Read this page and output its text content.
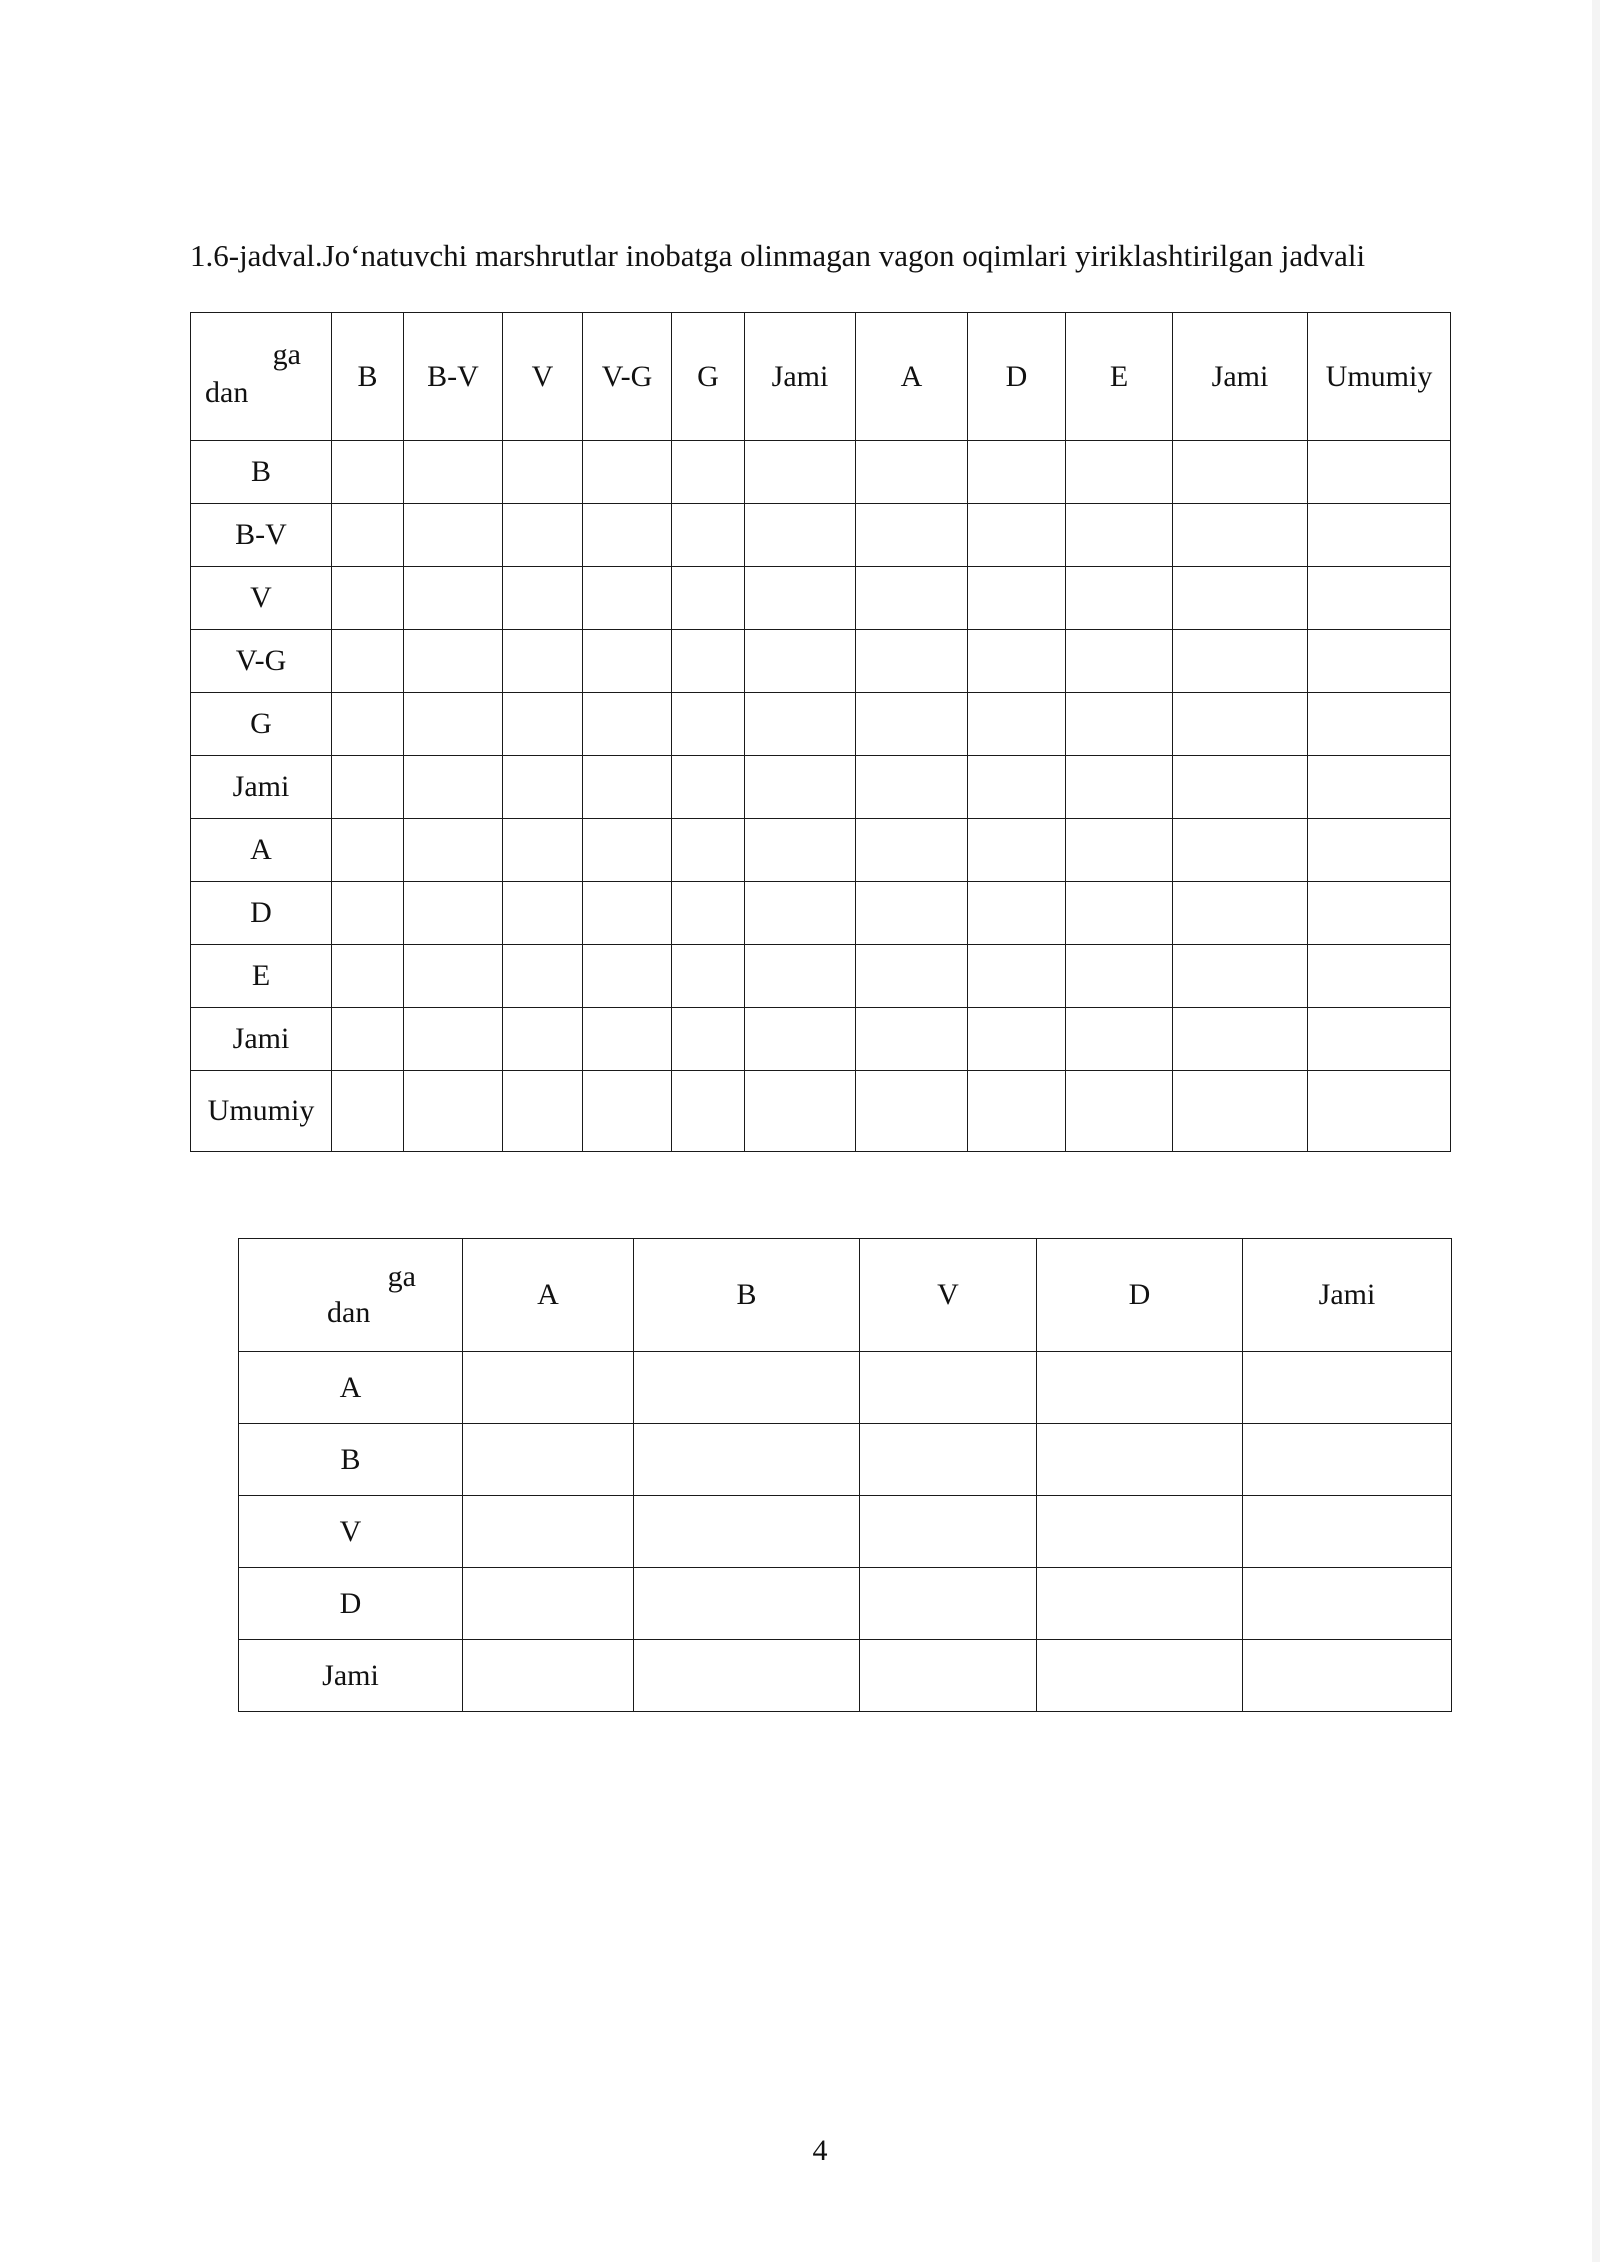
1.6-jadval.Jo‘natuvchi marshrutlar inobatga olinmagan vagon oqimlari yiriklashtirilgan jadvali
ga
dan	B	B-V	V	V-G	G	Jami	A	D	E	Jami	Umumiy
B											
B-V											
V											
V-G											
G											
Jami											
A											
D											
E											
Jami											
Umumiy											
ga
dan	A	B	V	D	Jami
A					
B					
V					
D					
Jami					
4
